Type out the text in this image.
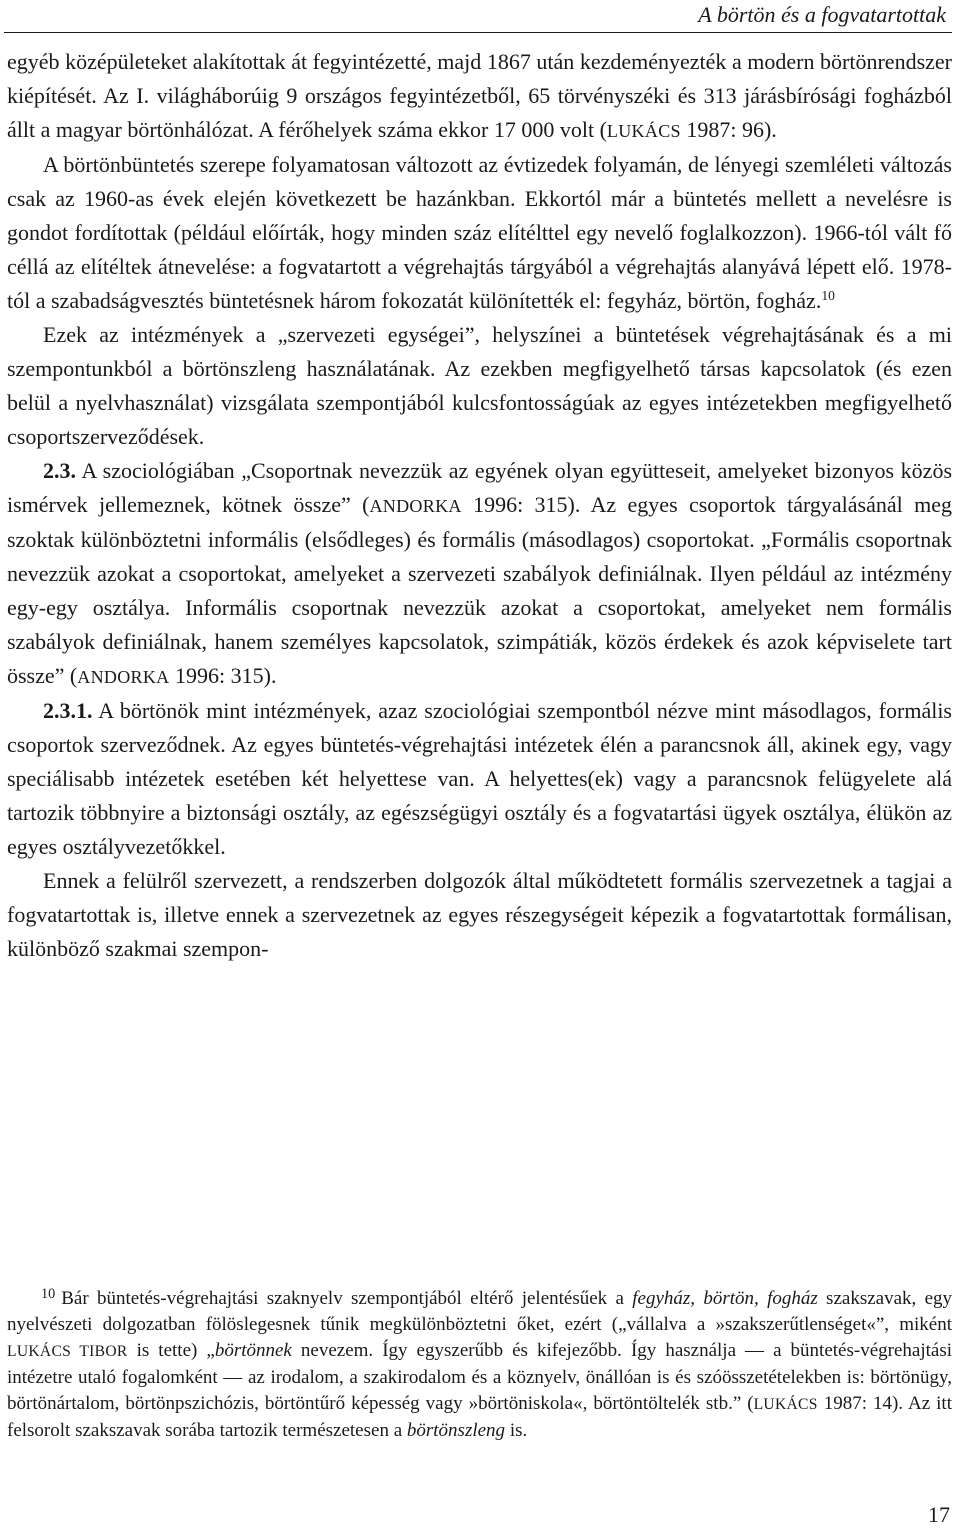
A börtön és a fogvatartottak

egyéb középületeket alakítottak át fegyintézetté, majd 1867 után kezdeményezték a modern börtönrendszer kiépítését. Az I. világháborúig 9 országos fegyintézetből, 65 törvényszéki és 313 járásbírósági fogházból állt a magyar börtönhálózat. A férőhelyek száma ekkor 17 000 volt (LUKÁCS 1987: 96).

A börtönbüntetés szerepe folyamatosan változott az évtizedek folyamán, de lényegi szemléleti változás csak az 1960-as évek elején következett be hazánkban. Ekkortól már a büntetés mellett a nevelésre is gondot fordítottak (például előírták, hogy minden száz elítélttel egy nevelő foglalkozzon). 1966-tól vált fő céllá az elítéltek átnevelése: a fogvatartott a végrehajtás tárgyából a végrehajtás alanyává lépett elő. 1978-tól a szabadságvesztés büntetésnek három fokozatát különítették el: fegyház, börtön, fogház.$^{10}$

Ezek az intézmények a „szervezeti egységei”, helyszínei a büntetések végrehajtásának és a mi szempontunkból a börtönszleng használatának. Az ezekben megfigyelhető társas kapcsolatok (és ezen belül a nyelvhasználat) vizsgálata szempontjából kulcsfontosságúak az egyes intézetekben megfigyelhető csoportszerveződések.

2.3. A szociológiában „Csoportnak nevezzük az egyének olyan együtteseit, amelyeket bizonyos közös ismérvek jellemeznek, kötnek össze” (ANDORKA 1996: 315). Az egyes csoportok tárgyalásánál meg szoktak különböztetni informális (elsődleges) és formális (másodlagos) csoportokat. „Formális csoportnak nevezzük azokat a csoportokat, amelyeket a szervezeti szabályok definiálnak. Ilyen például az intézmény egy-egy osztálya. Informális csoportnak nevezzük azokat a csoportokat, amelyeket nem formális szabályok definiálnak, hanem személyes kapcsolatok, szimpátiák, közös érdekek és azok képviselete tart össze” (ANDORKA 1996: 315).

2.3.1. A börtönök mint intézmények, azaz szociológiai szempontból nézve mint másodlagos, formális csoportok szerveződnek. Az egyes büntetés-végrehajtási intézetek élén a parancsnok áll, akinek egy, vagy speciálisabb intézetek esetében két helyettese van. A helyettes(ek) vagy a parancsnok felügyelete alá tartozik többnyire a biztonsági osztály, az egészségügyi osztály és a fogvatartási ügyek osztálya, élükön az egyes osztályvezetőkkel.

Ennek a felülről szervezett, a rendszerben dolgozók által működtetett formális szervezetnek a tagjai a fogvatartottak is, illetve ennek a szervezetnek az egyes részegységeit képezik a fogvatartottak formálisan, különböző szakmai szempon-

$^{10}$ Bár büntetés-végrehajtási szaknyelv szempontjából eltérő jelentésűek a fegyház, börtön, fogház szakszavak, egy nyelvészeti dolgozatban fölöslegesnek tűnik megkülönböztetni őket, ezért („vállalva a »szakszerűtlenséget«”, miként LUKÁCS TIBOR is tette) „börtönnek nevezem. Így egyszerűbb és kifejezőbb. Így használja — a büntetés-végrehajtási intézetre utaló fogalomként — az irodalom, a szakirodalom és a köznyelv, önállóan is és szóösszetételekben is: börtönügy, börtönártalom, börtönpszichózis, börtöntűrő képesség vagy »börtöniskola«, börtöntöltelék stb.” (LUKÁCS 1987: 14). Az itt felsorolt szakszavak sorába tartozik természetesen a börtönszleng is.

17
